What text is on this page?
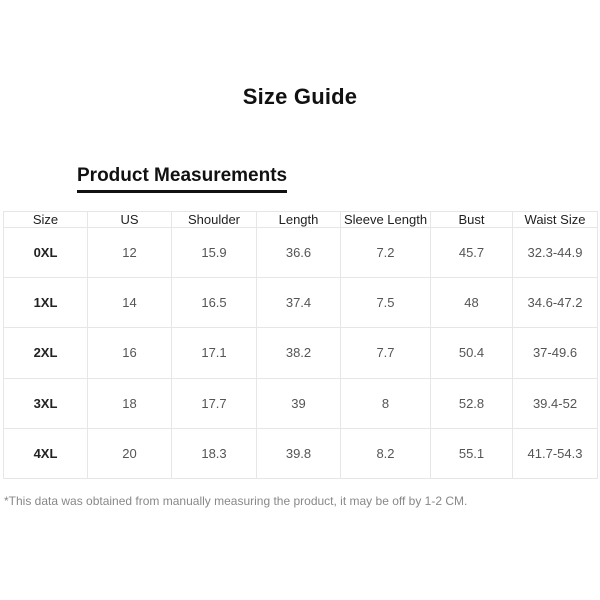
Size Guide
Product Measurements
Size	US	Shoulder	Length	Sleeve Length	Bust	Waist Size
0XL	12	15.9	36.6	7.2	45.7	32.3-44.9
1XL	14	16.5	37.4	7.5	48	34.6-47.2
2XL	16	17.1	38.2	7.7	50.4	37-49.6
3XL	18	17.7	39	8	52.8	39.4-52
4XL	20	18.3	39.8	8.2	55.1	41.7-54.3
*This data was obtained from manually measuring the product, it may be off by 1-2 CM.
